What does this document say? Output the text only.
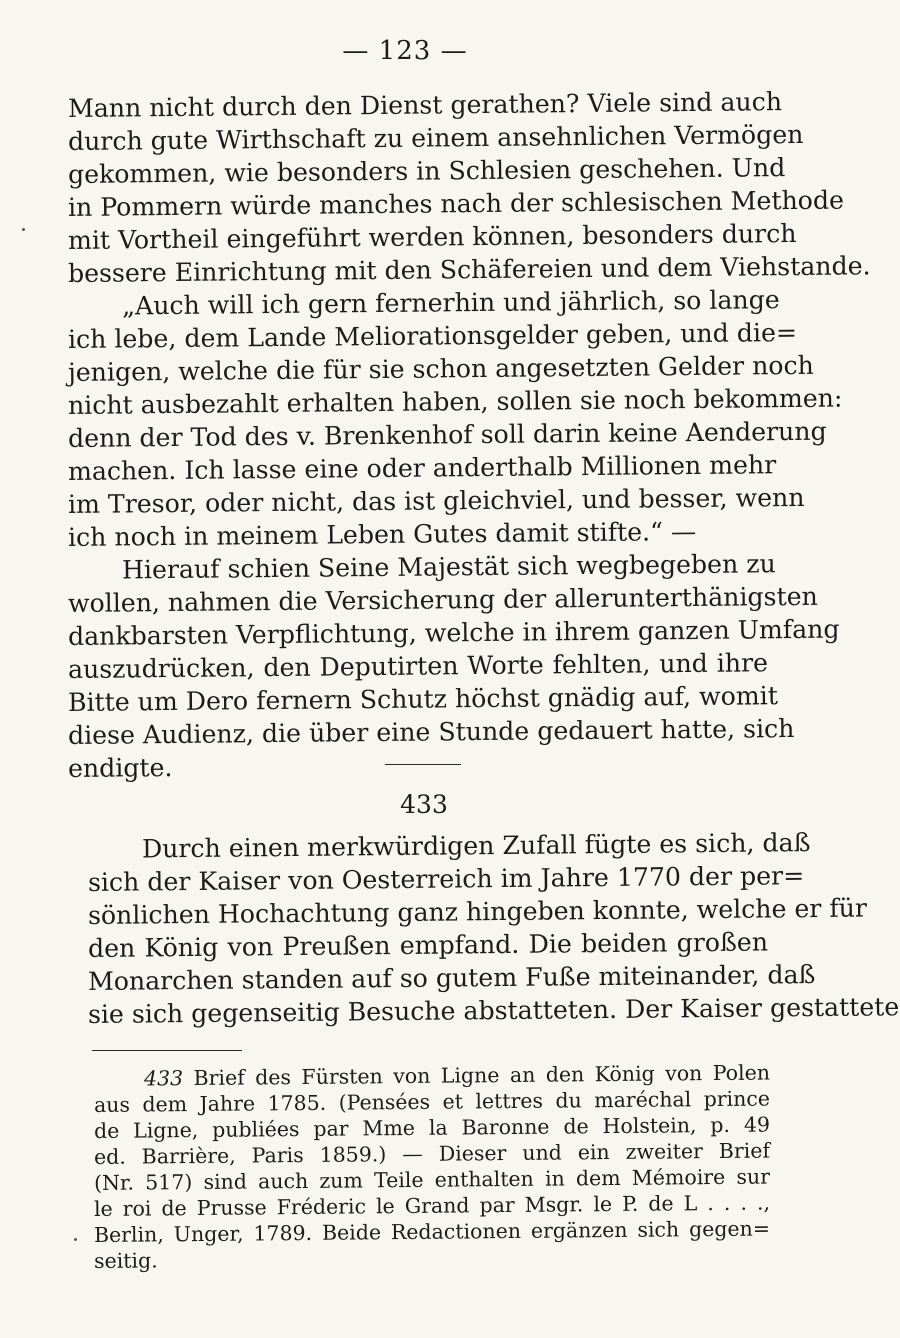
— 123 —
Mann nicht durch den Dienst gerathen? Viele sind auch
durch gute Wirthschaft zu einem ansehnlichen Vermögen
gekommen, wie besonders in Schlesien geschehen. Und
in Pommern würde manches nach der schlesischen Methode
mit Vortheil eingeführt werden können, besonders durch
bessere Einrichtung mit den Schäfereien und dem Viehstande.
„Auch will ich gern fernerhin und jährlich, so lange
ich lebe, dem Lande Meliorationsgelder geben, und die=
jenigen, welche die für sie schon angesetzten Gelder noch
nicht ausbezahlt erhalten haben, sollen sie noch bekommen:
denn der Tod des v. Brenkenhof soll darin keine Aenderung
machen. Ich lasse eine oder anderthalb Millionen mehr
im Tresor, oder nicht, das ist gleichviel, und besser, wenn
ich noch in meinem Leben Gutes damit stifte.“ —
Hierauf schien Seine Majestät sich wegbegeben zu
wollen, nahmen die Versicherung der allerunterthänigsten
dankbarsten Verpflichtung, welche in ihrem ganzen Umfang
auszudrücken, den Deputirten Worte fehlten, und ihre
Bitte um Dero fernern Schutz höchst gnädig auf, womit
diese Audienz, die über eine Stunde gedauert hatte, sich
endigte.
433
Durch einen merkwürdigen Zufall fügte es sich, daß
sich der Kaiser von Oesterreich im Jahre 1770 der per=
sönlichen Hochachtung ganz hingeben konnte, welche er für
den König von Preußen empfand. Die beiden großen
Monarchen standen auf so gutem Fuße miteinander, daß
sie sich gegenseitig Besuche abstatteten. Der Kaiser gestattete
433 Brief des Fürsten von Ligne an den König von Polen
aus dem Jahre 1785. (Pensées et lettres du maréchal prince
de Ligne, publiées par Mme la Baronne de Holstein, p. 49
ed. Barrière, Paris 1859.) — Dieser und ein zweiter Brief
(Nr. 517) sind auch zum Teile enthalten in dem Mémoire sur
le roi de Prusse Fréderic le Grand par Msgr. le P. de L . . . .,
Berlin, Unger, 1789. Beide Redactionen ergänzen sich gegen=
seitig.
